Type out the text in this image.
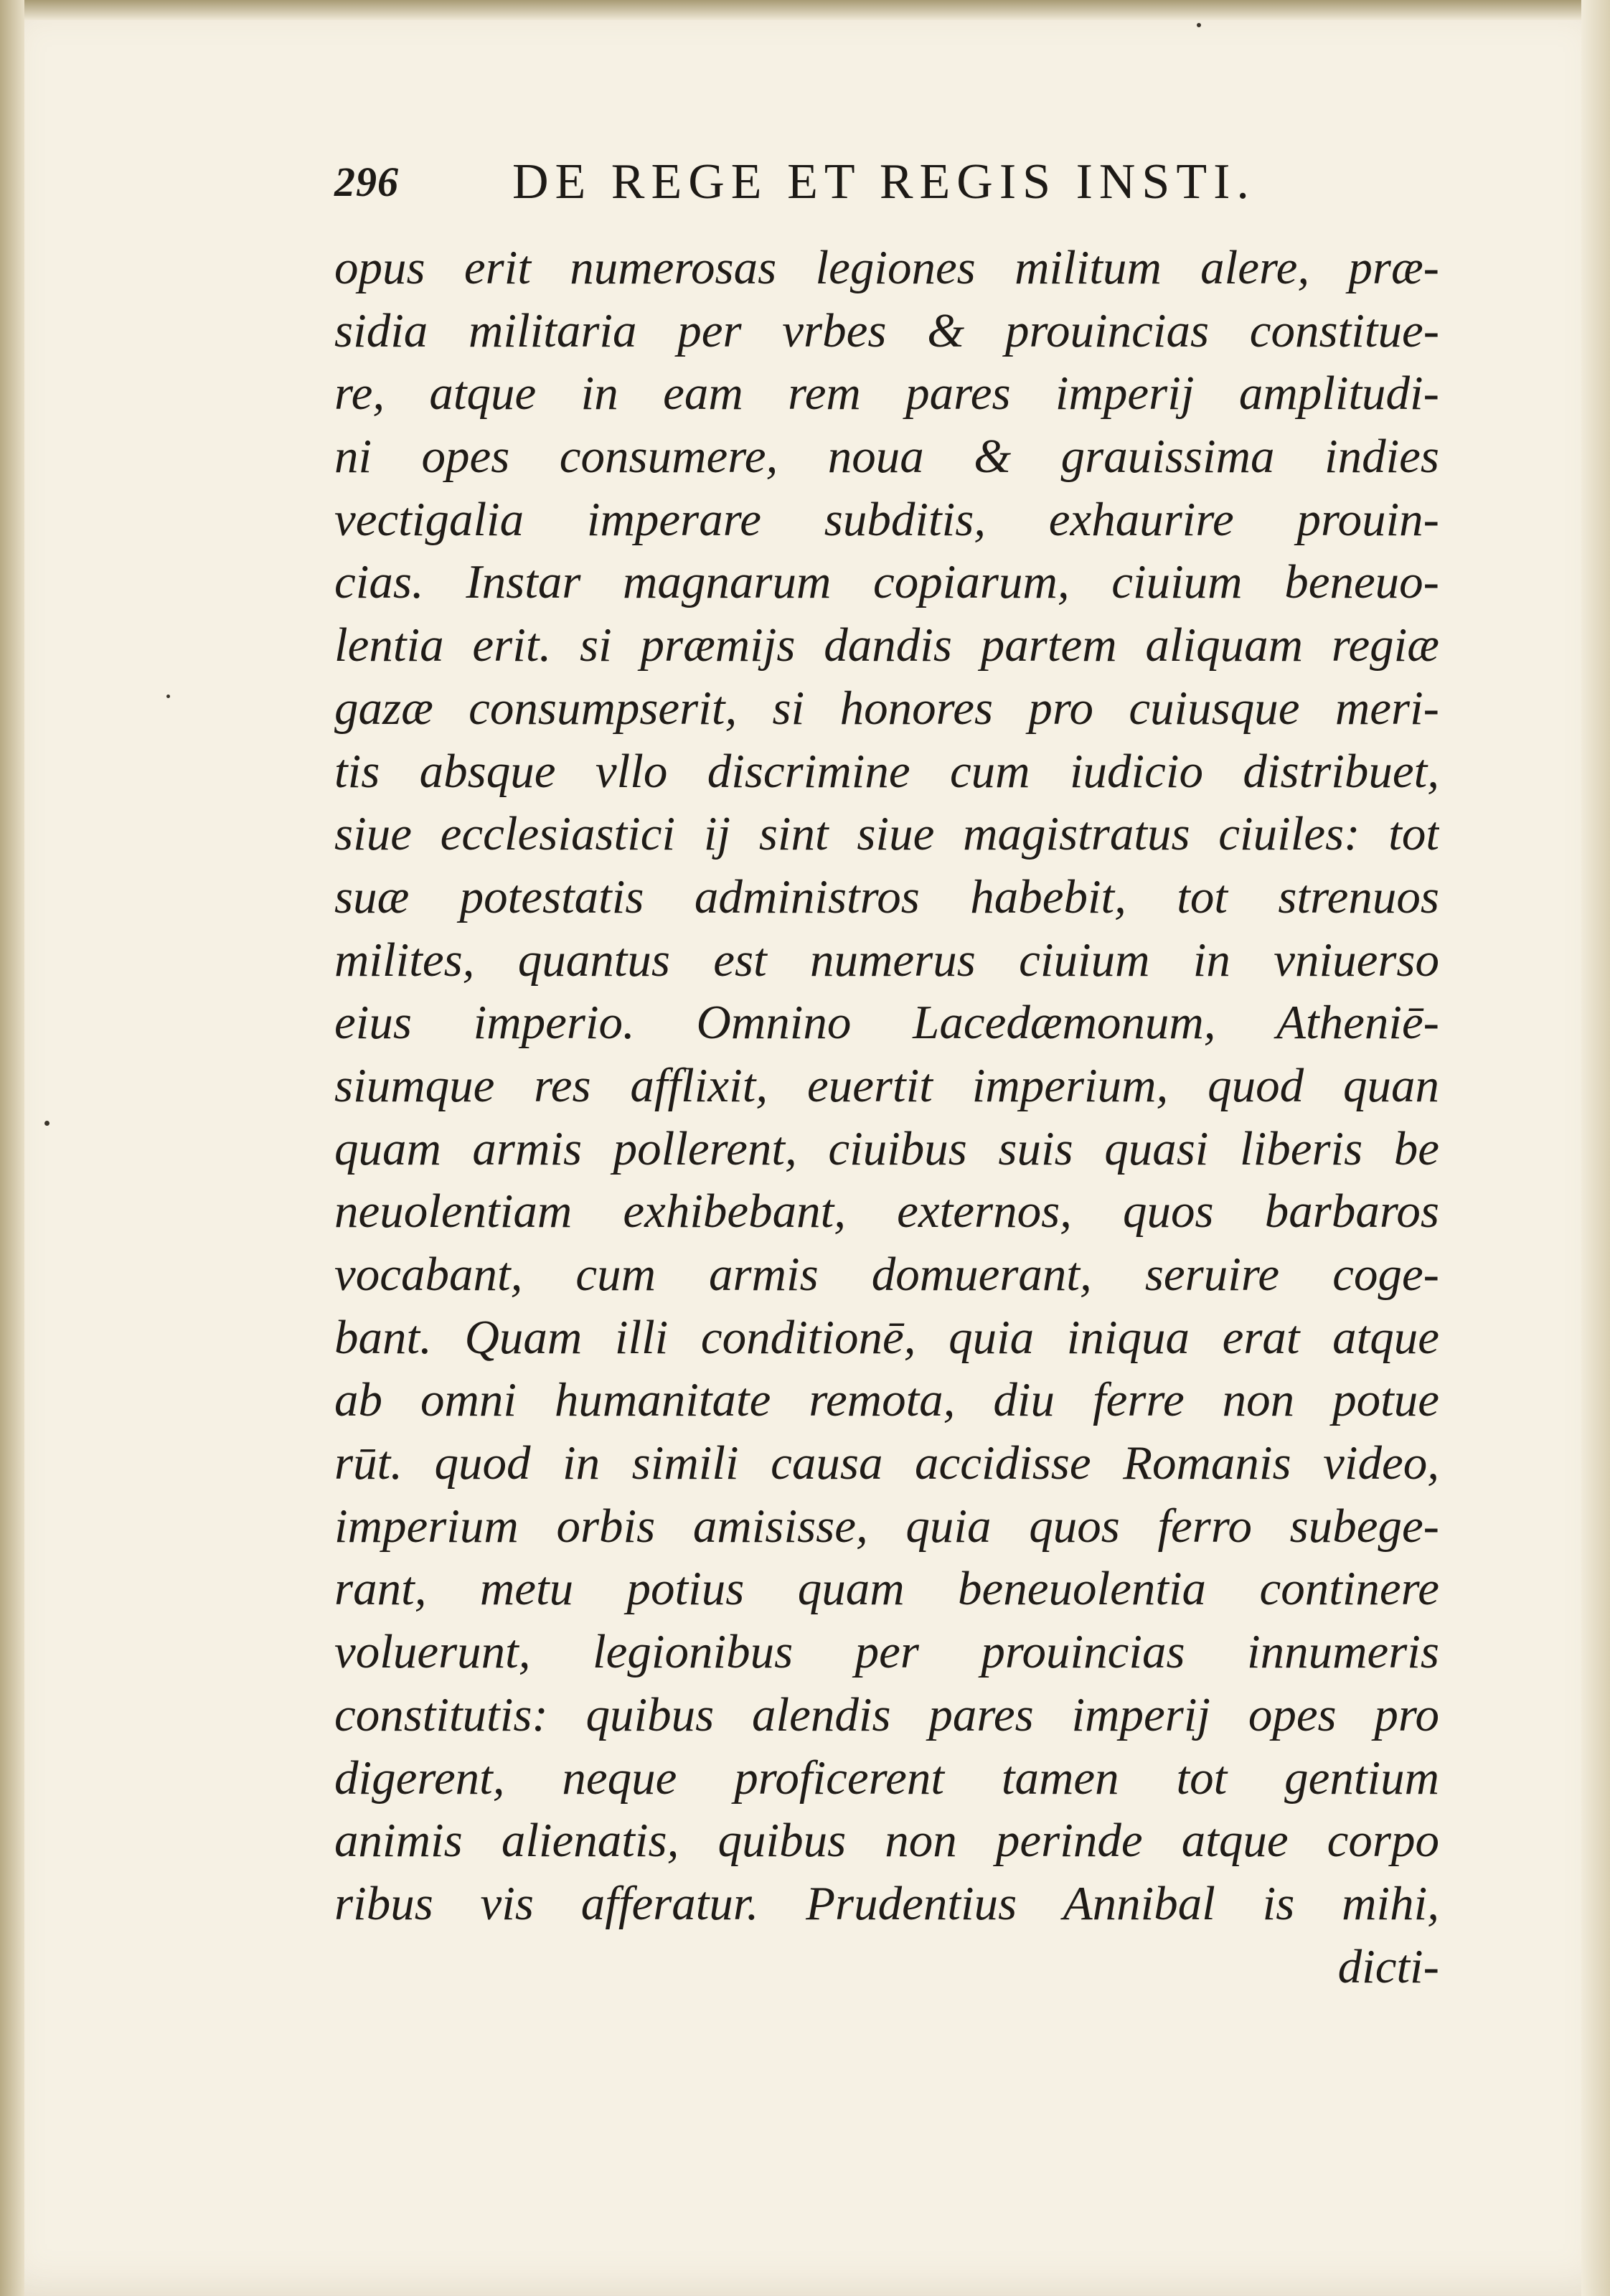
296 DE REGE ET REGIS INSTI.
opus erit numerosas legiones militum alere, præ-
sidia militaria per vrbes & prouincias constitue-
re, atque in eam rem pares imperij amplitudi-
ni opes consumere, noua & grauissima indies
vectigalia imperare subditis, exhaurire prouin-
cias. Instar magnarum copiarum, ciuium beneuo-
lentia erit. si præmijs dandis partem aliquam regiæ
gazæ consumpserit, si honores pro cuiusque meri-
tis absque vllo discrimine cum iudicio distribuet,
siue ecclesiastici ij sint siue magistratus ciuiles: tot
suæ potestatis administros habebit, tot strenuos
milites, quantus est numerus ciuium in vniuerso
eius imperio. Omnino Lacedæmonum, Atheniē-
siumque res afflixit, euertit imperium, quod quan
quam armis pollerent, ciuibus suis quasi liberis be
neuolentiam exhibebant, externos, quos barbaros
vocabant, cum armis domuerant, seruire coge-
bant. Quam illi conditionē, quia iniqua erat atque
ab omni humanitate remota, diu ferre non potue
rūt. quod in simili causa accidisse Romanis video,
imperium orbis amisisse, quia quos ferro subege-
rant, metu potius quam beneuolentia continere
voluerunt, legionibus per prouincias innumeris
constitutis: quibus alendis pares imperij opes pro
digerent, neque proficerent tamen tot gentium
animis alienatis, quibus non perinde atque corpo
ribus vis afferatur. Prudentius Annibal is mihi,
dicti-
